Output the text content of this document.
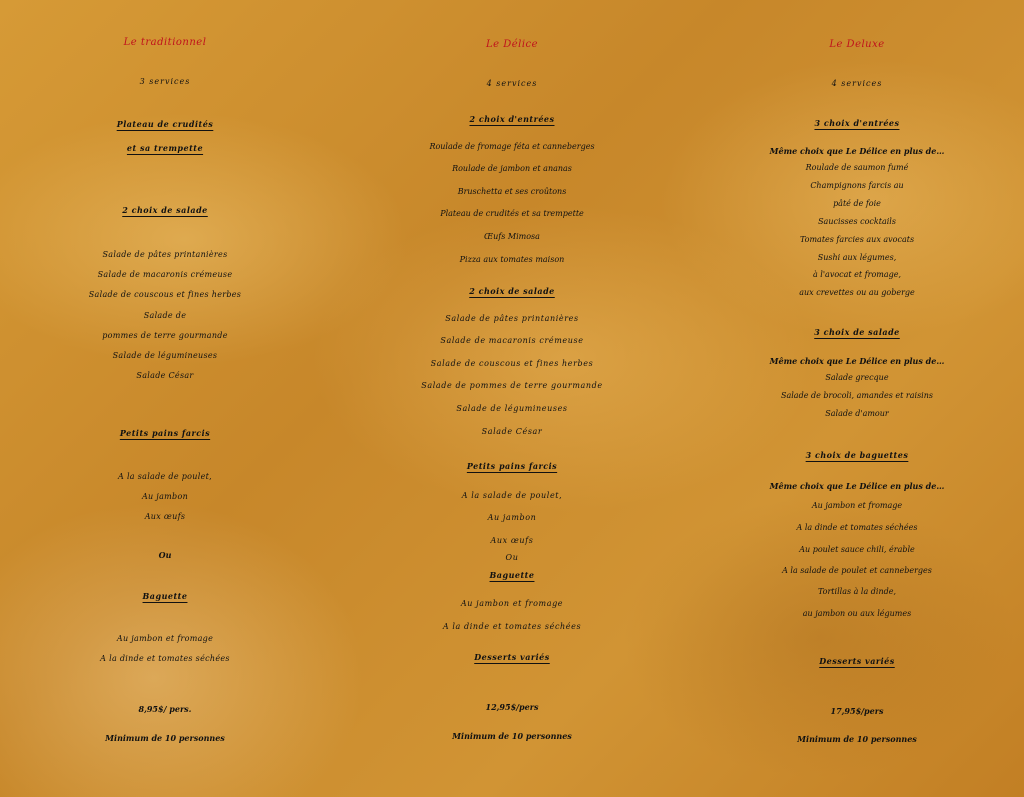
Le traditionnel
3 services
Plateau de crudités
et sa trempette
2 choix de salade
Salade de pâtes printanières
Salade de macaronis crémeuse
Salade de couscous et fines herbes
Salade de
pommes de terre gourmande
Salade de légumineuses
Salade César
Petits pains farcis
A la salade de poulet,
Au jambon
Aux œufs
Ou
Baguette
Au jambon et fromage
A la dinde et tomates séchées
8,95$/ pers.
Minimum de 10 personnes
Le Délice
4 services
2 choix d'entrées
Roulade de fromage féta et canneberges
Roulade de jambon et ananas
Bruschetta et ses croûtons
Plateau de crudités et sa trempette
Œufs Mimosa
Pizza aux tomates maison
2 choix de salade
Salade de pâtes printanières
Salade de macaronis crémeuse
Salade de couscous et fines herbes
Salade de pommes de terre gourmande
Salade de légumineuses
Salade César
Petits pains farcis
A la salade de poulet,
Au jambon
Aux œufs
Ou
Baguette
Au jambon et fromage
A la dinde et tomates séchées
Desserts variés
12,95$/pers
Minimum de 10 personnes
Le Deluxe
4 services
3 choix d'entrées
Même choix que Le Délice en plus de…
Roulade de saumon fumé
Champignons farcis au
pâté de foie
Saucisses cocktails
Tomates farcies aux avocats
Sushi aux légumes,
à l'avocat et fromage,
aux crevettes ou au goberge
3 choix de salade
Même choix que Le Délice en plus de…
Salade grecque
Salade de brocoli, amandes et raisins
Salade d'amour
3 choix de baguettes
Même choix que Le Délice en plus de…
Au jambon et fromage
A la dinde et tomates séchées
Au poulet sauce chili, érable
A la salade de poulet et canneberges
Tortillas à la dinde,
au jambon ou aux légumes
Desserts variés
17,95$/pers
Minimum de 10 personnes
